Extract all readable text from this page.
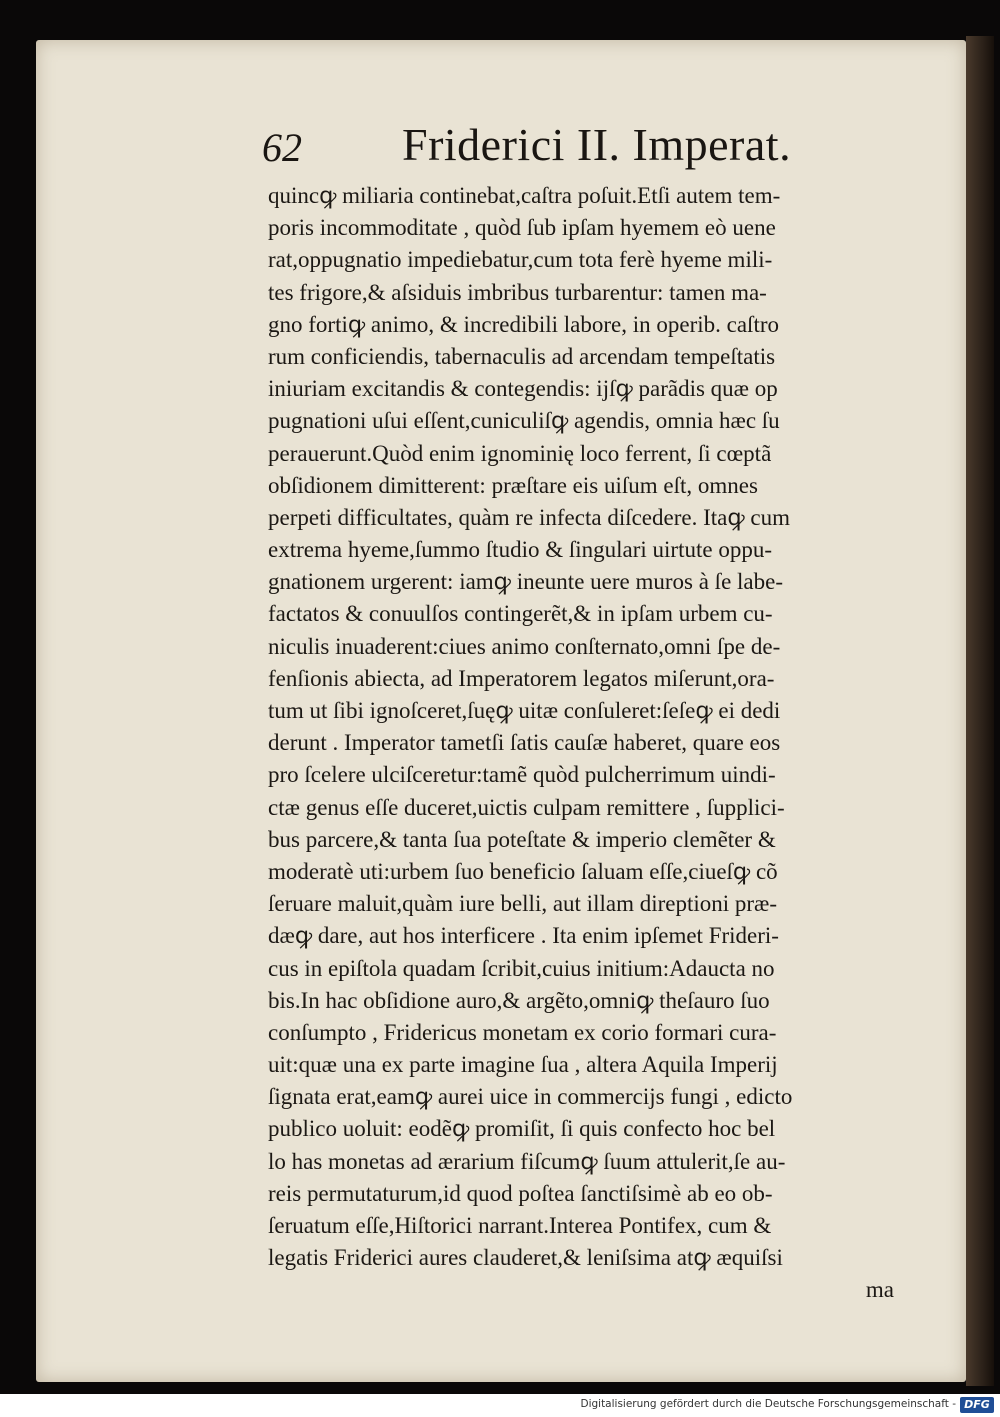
62 Friderici II. Imperat.
quincꝙ miliaria continebat,caſtra poſuit.Etſi autem tem-
poris incommoditate , quòd ſub ipſam hyemem eò uene
rat,oppugnatio impediebatur,cum tota ferè hyeme mili-
tes frigore,& aſsiduis imbribus turbarentur: tamen ma-
gno fortiꝙ animo, & incredibili labore, in operib. caſtro
rum conficiendis, tabernaculis ad arcendam tempeſtatis
iniuriam excitandis & contegendis: ijſꝙ parãdis quæ op
pugnationi uſui eſſent,cuniculiſꝙ agendis, omnia hæc ſu
perauerunt.Quòd enim ignominię loco ferrent, ſi cœptã
obſidionem dimitterent: præſtare eis uiſum eſt, omnes
perpeti difficultates, quàm re infecta diſcedere. Itaꝙ cum
extrema hyeme,ſummo ſtudio & ſingulari uirtute oppu-
gnationem urgerent: iamꝙ ineunte uere muros à ſe labe-
factatos & conuulſos contingerẽt,& in ipſam urbem cu-
niculis inuaderent:ciues animo conſternato,omni ſpe de-
fenſionis abiecta, ad Imperatorem legatos miſerunt,ora-
tum ut ſibi ignoſceret,ſuęꝙ uitæ conſuleret:ſeſeꝙ ei dedi
derunt . Imperator tametſi ſatis cauſæ haberet, quare eos
pro ſcelere ulciſceretur:tamẽ quòd pulcherrimum uindi-
ctæ genus eſſe duceret,uictis culpam remittere , ſupplici-
bus parcere,& tanta ſua poteſtate & imperio clemẽter &
moderatè uti:urbem ſuo beneficio ſaluam eſſe,ciueſꝙ cõ
ſeruare maluit,quàm iure belli, aut illam direptioni præ-
dæꝙ dare, aut hos interficere . Ita enim ipſemet Frideri-
cus in epiſtola quadam ſcribit,cuius initium:Adaucta no
bis.In hac obſidione auro,& argẽto,omniꝙ theſauro ſuo
conſumpto , Fridericus monetam ex corio formari cura-
uit:quæ una ex parte imagine ſua , altera Aquila Imperij
ſignata erat,eamꝙ aurei uice in commercijs fungi , edicto
publico uoluit: eodẽꝙ promiſit, ſi quis confecto hoc bel
lo has monetas ad ærarium fiſcumꝙ ſuum attulerit,ſe au-
reis permutaturum,id quod poſtea ſanctiſsimè ab eo ob-
ſeruatum eſſe,Hiſtorici narrant.Interea Pontifex, cum &
legatis Friderici aures clauderet,& leniſsima atꝙ æquiſsi
ma
Digitalisierung gefördert durch die Deutsche Forschungsgemeinschaft - DFG
